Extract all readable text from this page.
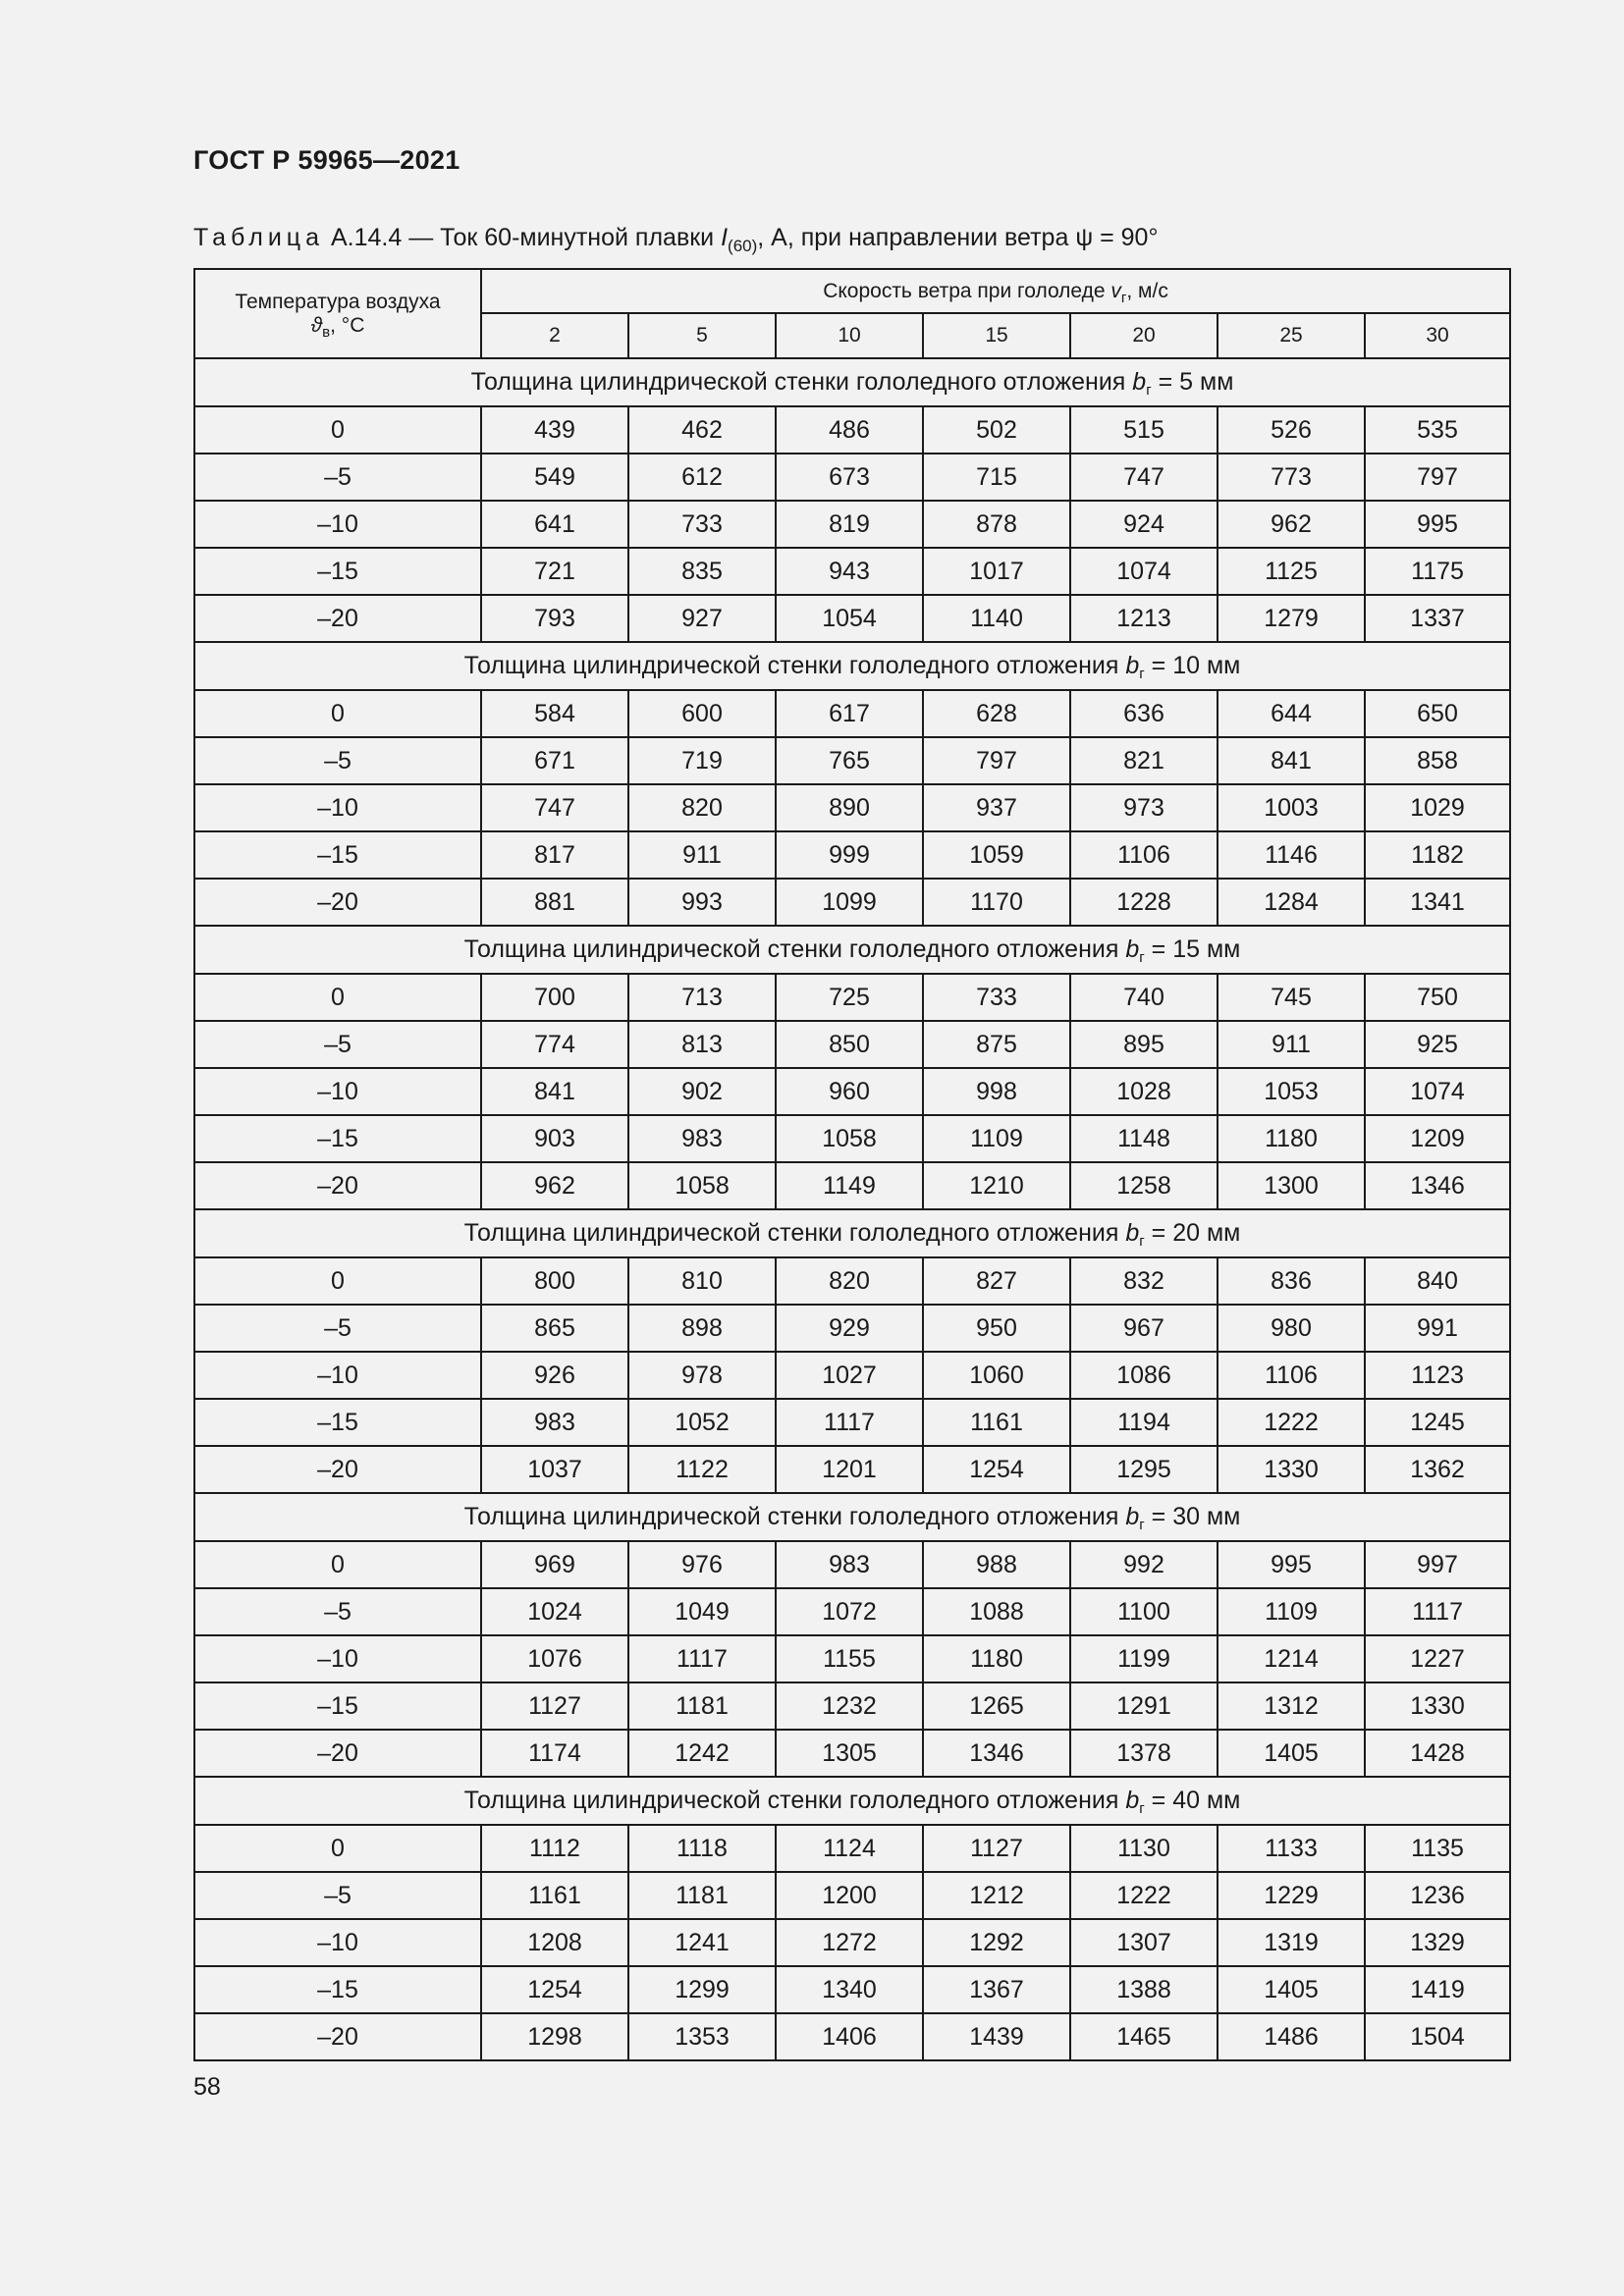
ГОСТ Р 59965—2021
Таблица А.14.4 — Ток 60-минутной плавки $I_{(60)}$, А, при направлении ветра ψ = 90°
Температура воздуха
$ϑ_в$, °С	Скорость ветра при гололеде $v_г$, м/с						
	2	5	10	15	20	25	30
Толщина цилиндрической стенки гололедного отложения $b_г = 5$ мм							
0	439	462	486	502	515	526	535
–5	549	612	673	715	747	773	797
–10	641	733	819	878	924	962	995
–15	721	835	943	1017	1074	1125	1175
–20	793	927	1054	1140	1213	1279	1337
Толщина цилиндрической стенки гололедного отложения $b_г = 10$ мм							
0	584	600	617	628	636	644	650
–5	671	719	765	797	821	841	858
–10	747	820	890	937	973	1003	1029
–15	817	911	999	1059	1106	1146	1182
–20	881	993	1099	1170	1228	1284	1341
Толщина цилиндрической стенки гололедного отложения $b_г = 15$ мм							
0	700	713	725	733	740	745	750
–5	774	813	850	875	895	911	925
–10	841	902	960	998	1028	1053	1074
–15	903	983	1058	1109	1148	1180	1209
–20	962	1058	1149	1210	1258	1300	1346
Толщина цилиндрической стенки гололедного отложения $b_г = 20$ мм							
0	800	810	820	827	832	836	840
–5	865	898	929	950	967	980	991
–10	926	978	1027	1060	1086	1106	1123
–15	983	1052	1117	1161	1194	1222	1245
–20	1037	1122	1201	1254	1295	1330	1362
Толщина цилиндрической стенки гололедного отложения $b_г = 30$ мм							
0	969	976	983	988	992	995	997
–5	1024	1049	1072	1088	1100	1109	1117
–10	1076	1117	1155	1180	1199	1214	1227
–15	1127	1181	1232	1265	1291	1312	1330
–20	1174	1242	1305	1346	1378	1405	1428
Толщина цилиндрической стенки гололедного отложения $b_г = 40$ мм							
0	1112	1118	1124	1127	1130	1133	1135
–5	1161	1181	1200	1212	1222	1229	1236
–10	1208	1241	1272	1292	1307	1319	1329
–15	1254	1299	1340	1367	1388	1405	1419
–20	1298	1353	1406	1439	1465	1486	1504
58
